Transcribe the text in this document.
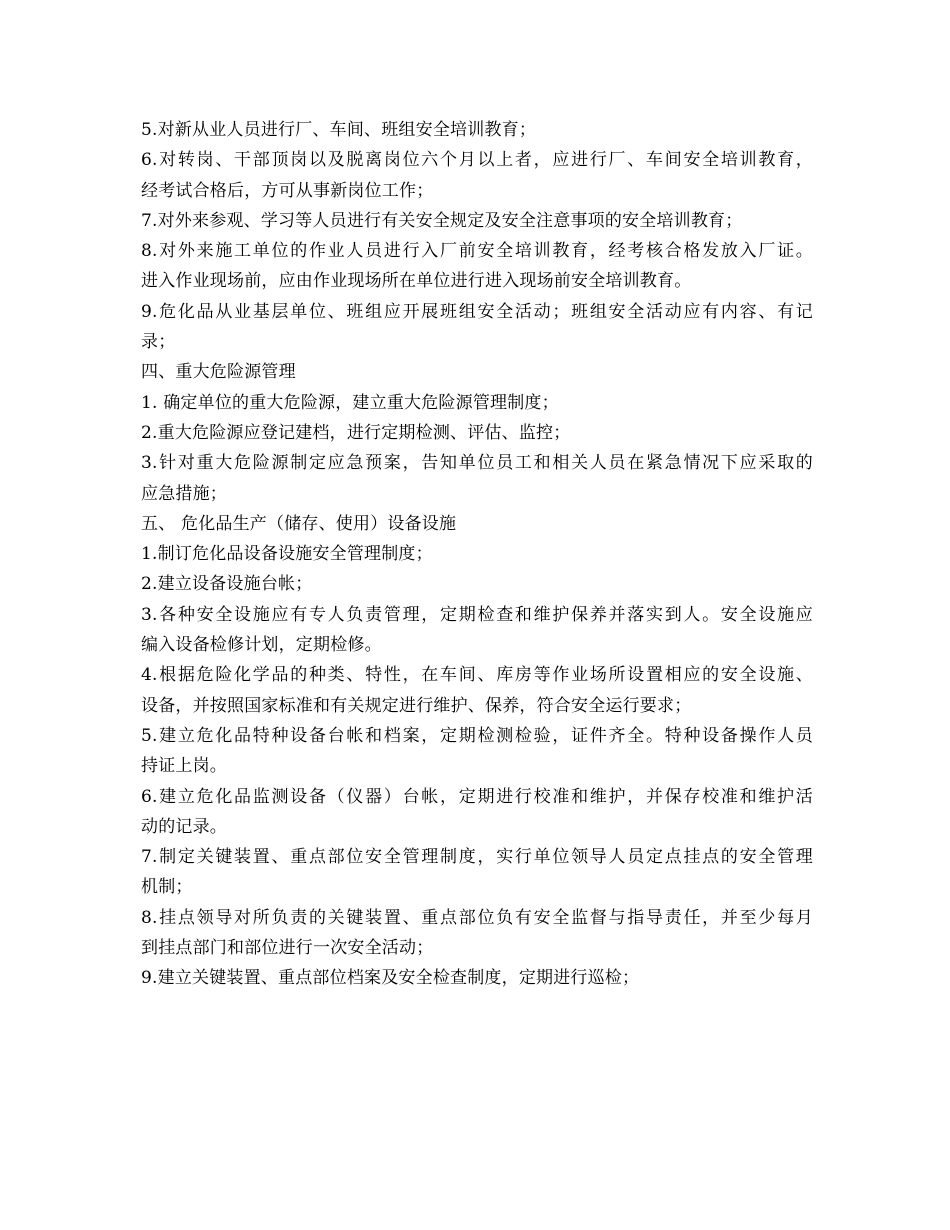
5.对新从业人员进行厂、车间、班组安全培训教育；
6.对转岗、干部顶岗以及脱离岗位六个月以上者，应进行厂、车间安全培训教育，
经考试合格后，方可从事新岗位工作；
7.对外来参观、学习等人员进行有关安全规定及安全注意事项的安全培训教育；
8.对外来施工单位的作业人员进行入厂前安全培训教育，经考核合格发放入厂证。
进入作业现场前，应由作业现场所在单位进行进入现场前安全培训教育。
9.危化品从业基层单位、班组应开展班组安全活动；班组安全活动应有内容、有记
录；
四、重大危险源管理
1. 确定单位的重大危险源，建立重大危险源管理制度；
2.重大危险源应登记建档，进行定期检测、评估、监控；
3.针对重大危险源制定应急预案，告知单位员工和相关人员在紧急情况下应采取的
应急措施；
五、 危化品生产（储存、使用）设备设施
1.制订危化品设备设施安全管理制度；
2.建立设备设施台帐；
3.各种安全设施应有专人负责管理，定期检查和维护保养并落实到人。安全设施应
编入设备检修计划，定期检修。
4.根据危险化学品的种类、特性，在车间、库房等作业场所设置相应的安全设施、
设备，并按照国家标准和有关规定进行维护、保养，符合安全运行要求；
5.建立危化品特种设备台帐和档案，定期检测检验，证件齐全。特种设备操作人员
持证上岗。
6.建立危化品监测设备（仪器）台帐，定期进行校准和维护，并保存校准和维护活
动的记录。
7.制定关键装置、重点部位安全管理制度，实行单位领导人员定点挂点的安全管理
机制；
8.挂点领导对所负责的关键装置、重点部位负有安全监督与指导责任，并至少每月
到挂点部门和部位进行一次安全活动；
9.建立关键装置、重点部位档案及安全检查制度，定期进行巡检；
